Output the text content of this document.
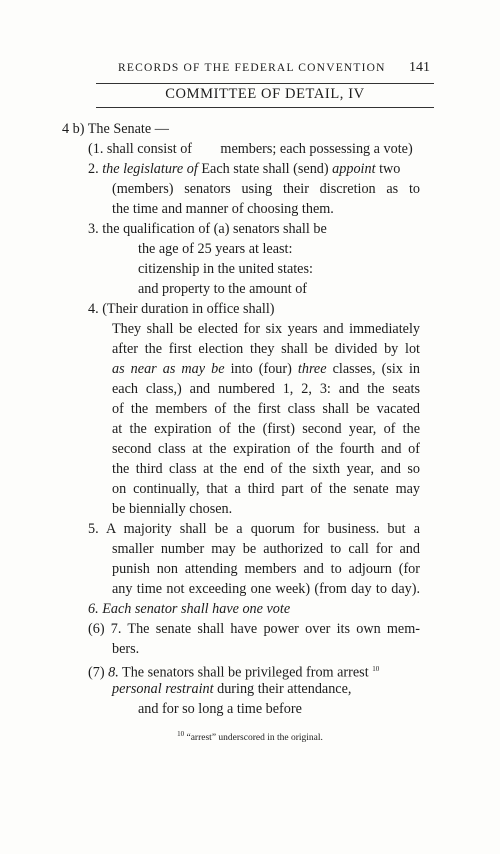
RECORDS OF THE FEDERAL CONVENTION 141
COMMITTEE OF DETAIL, IV
4 b) The Senate —
(1. shall consist of        members; each possessing a vote)
2. the legislature of Each state shall (send) appoint two
(members) senators using their discretion as to
the time and manner of choosing them.
3. the qualification of (a) senators shall be
the age of 25 years at least:
citizenship in the united states:
and property to the amount of
4. (Their duration in office shall)
They shall be elected for six years and immediately
after the first election they shall be divided by lot
as near as may be into (four) three classes, (six in
each class,) and numbered 1, 2, 3: and the seats
of the members of the first class shall be vacated
at the expiration of the (first) second year, of the
second class at the expiration of the fourth and of
the third class at the end of the sixth year, and so
on continually, that a third part of the senate may
be biennially chosen.
5. A majority shall be a quorum for business. but a
smaller number may be authorized to call for and
punish non attending members and to adjourn (for
any time not exceeding one week) (from day to day).
6. Each senator shall have one vote
(6) 7. The senate shall have power over its own mem-
bers.
(7) 8. The senators shall be privileged from arrest $^{10}$
personal restraint during their attendance,
and for so long a time before
$^{10}$ “arrest” underscored in the original.
